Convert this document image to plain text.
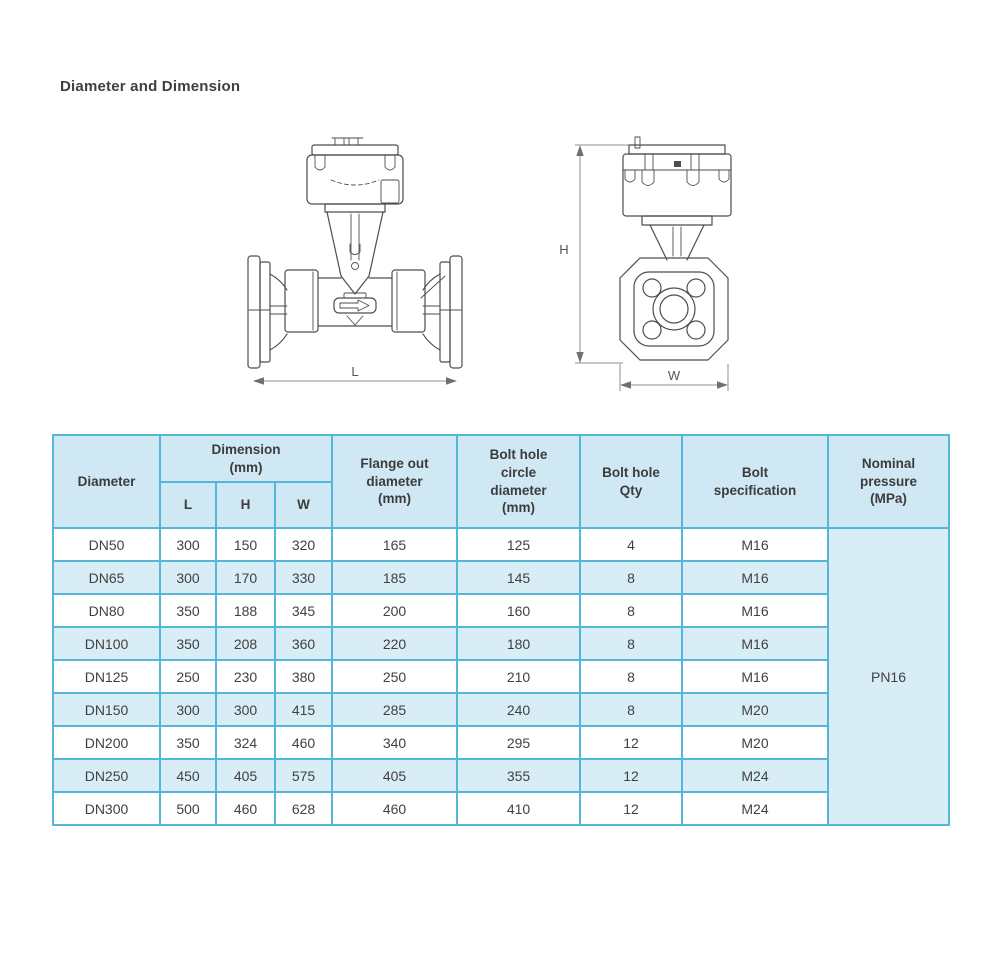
Diameter and Dimension
L
H
W
Diameter	Dimension (mm)			Flange out diameter (mm)	Bolt hole circle diameter (mm)	Bolt hole Qty	Bolt specification	Nominal pressure (MPa)

	L	H	W					

DN50	300	150	320	165	125	4	M16	PN16
DN65	300	170	330	185	145	8	M16	
DN80	350	188	345	200	160	8	M16	
DN100	350	208	360	220	180	8	M16	
DN125	250	230	380	250	210	8	M16	
DN150	300	300	415	285	240	8	M20	
DN200	350	324	460	340	295	12	M20	
DN250	450	405	575	405	355	12	M24	
DN300	500	460	628	460	410	12	M24	
